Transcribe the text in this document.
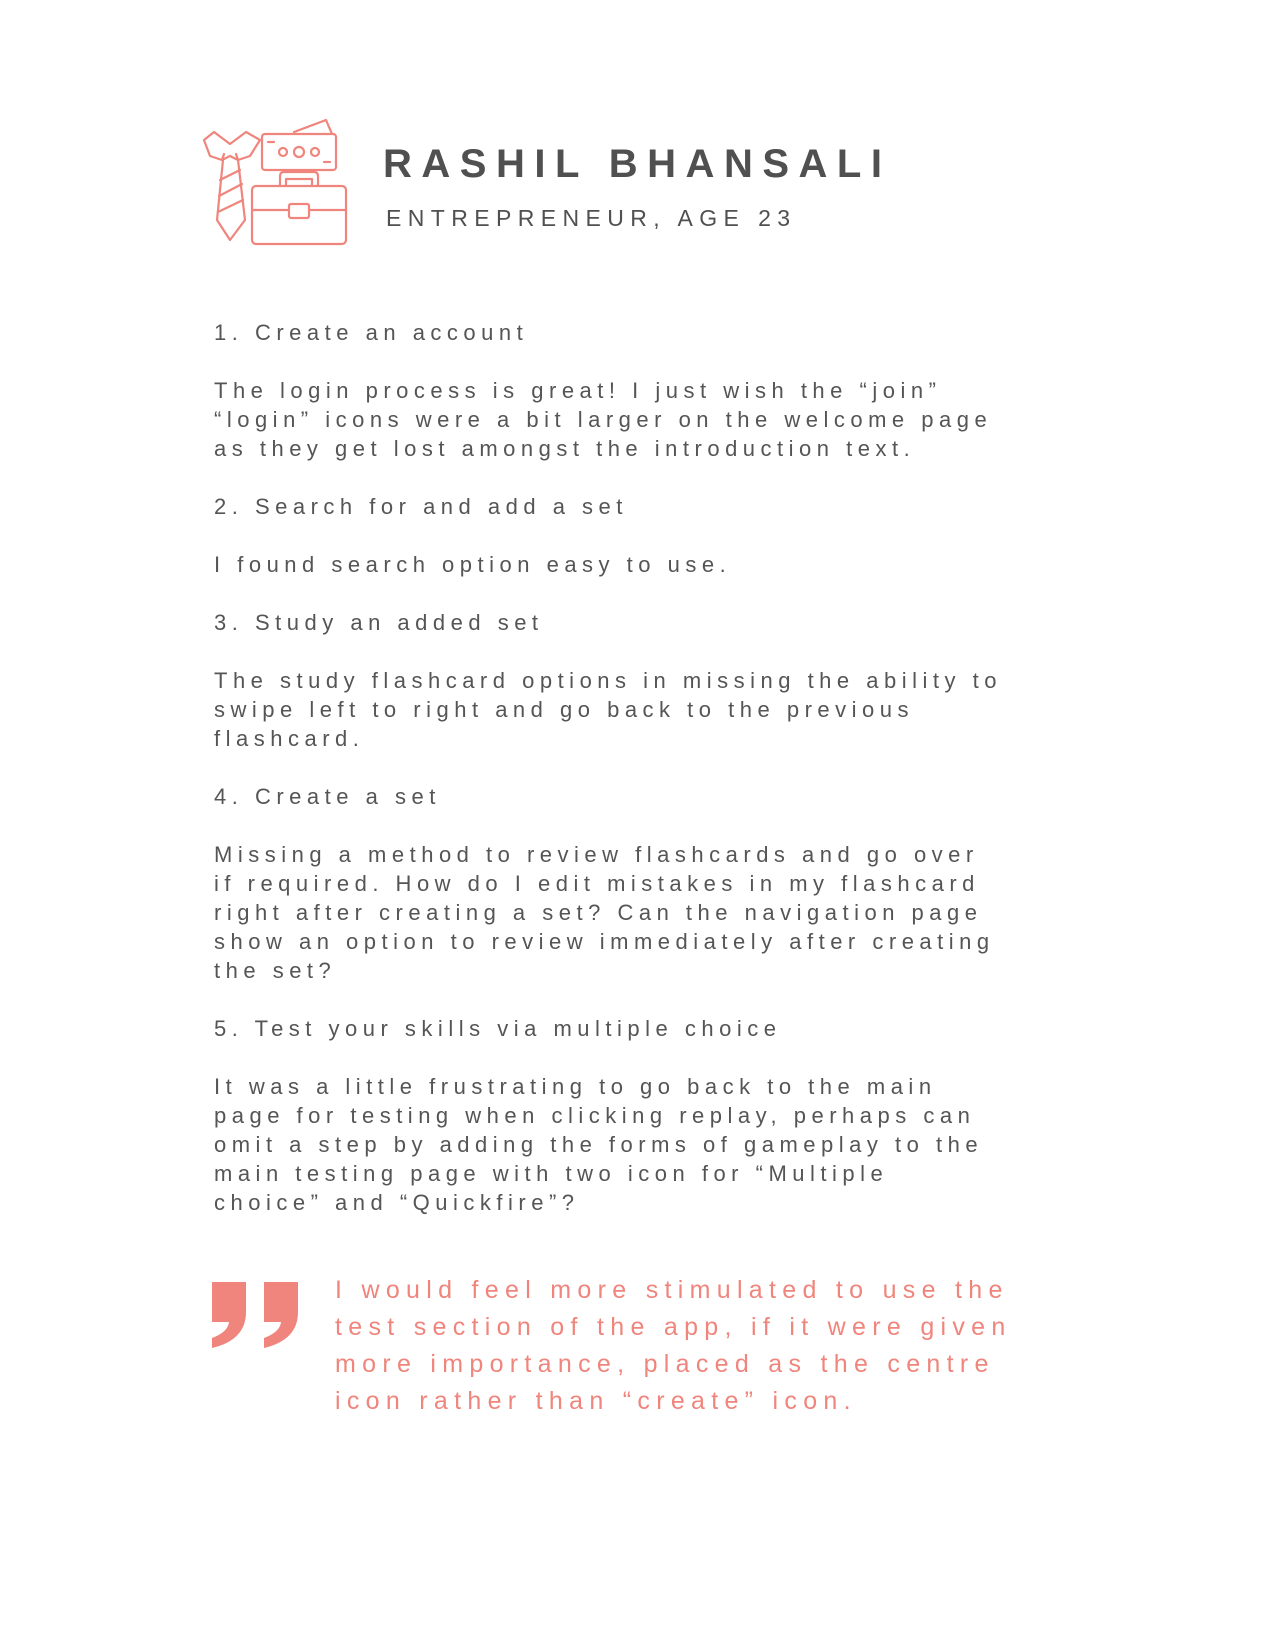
RASHIL BHANSALI
ENTREPRENEUR, AGE 23

1. Create an account

The login process is great! I just wish the “join”
“login” icons were a bit larger on the welcome page
as they get lost amongst the introduction text.

2. Search for and add a set

I found search option easy to use.

3. Study an added set

The study flashcard options in missing the ability to
swipe left to right and go back to the previous
flashcard.

4. Create a set

Missing a method to review flashcards and go over
if required. How do I edit mistakes in my flashcard
right after creating a set? Can the navigation page
show an option to review immediately after creating
the set?

5. Test your skills via multiple choice

It was a little frustrating to go back to the main
page for testing when clicking replay, perhaps can
omit a step by adding the forms of gameplay to the
main testing page with two icon for “Multiple
choice” and “Quickfire”?

I would feel more stimulated to use the

test section of the app, if it were given

more importance, placed as the centre

icon rather than “create” icon.
